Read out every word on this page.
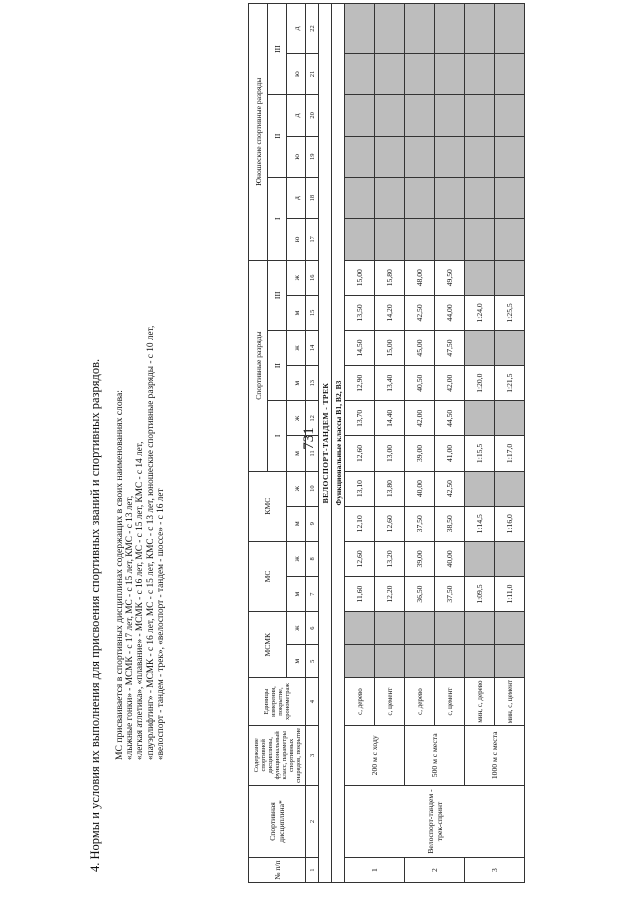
731
4. Нормы и условия их выполнения для присвоения спортивных званий и спортивных разрядов. МС присваивается в спортивных дисциплинах содержащих в своих наименованиях слова: «лыжные гонки» - МСМК - с 17 лет, МС - с 15 лет, КМС - с 13 лет, «легкая атлетика», «плавание» - МСМК - с 16 лет, МС - с 15 лет, КМС - с 14 лет, «пауэрлифтинг» - МСМК - с 16 лет, МС - с 15 лет, КМС - с 13 лет, юношеские спортивные разряды - с 10 лет, «велоспорт - тандем - трек», «велоспорт - тандем - шоссе» - с 16 лет
№ п/п	Спортивная дисциплина*	Содержание спортивной дисциплины, функциональный класс, параметры спортивных снарядов, покрытие	Единицы измерения, покрытие, хронометраж	МСМК		МС		КМС		Спортивные разряды						Юношеские спортивные разряды					
										I		II		III		I		II		III	
				м	ж	м	ж	м	ж	м	ж	м	ж	м	ж	ю	д	ю	д	ю	д
1	2	3	4	5	6	7	8	9	10	11	12	13	14	15	16	17	18	19	20	21	22
ВЕЛОСПОРТ-ТАНДЕМ - ТРЕК																					
Функциональные классы В1, В2, В3																					
1	Велоспорт-тандем - трек-спринт	200 м с ходу	с, дерево			11,60	12,60	12,10	13,10	12,60	13,70	12,90	14,50	13,50	15,00						
			с, цемент			12,20	13,20	12,60	13,80	13,00	14,40	13,40	15,00	14,20	15,80						
2		500 м с места	с, дерево			36,50	39,00	37,50	40,00	39,00	42,00	40,50	45,00	42,50	48,00						
			с, цемент			37,50	40,00	38,50	42,50	41,00	44,50	42,00	47,50	44,00	49,50						
3		1000 м с места	мин, с, дерево			1:09,5		1:14,5		1:15,5		1:20,0		1:24,0							
			мин, с, цемент			1:11,0		1:16,0		1:17,0		1:21,5		1:25,5							
